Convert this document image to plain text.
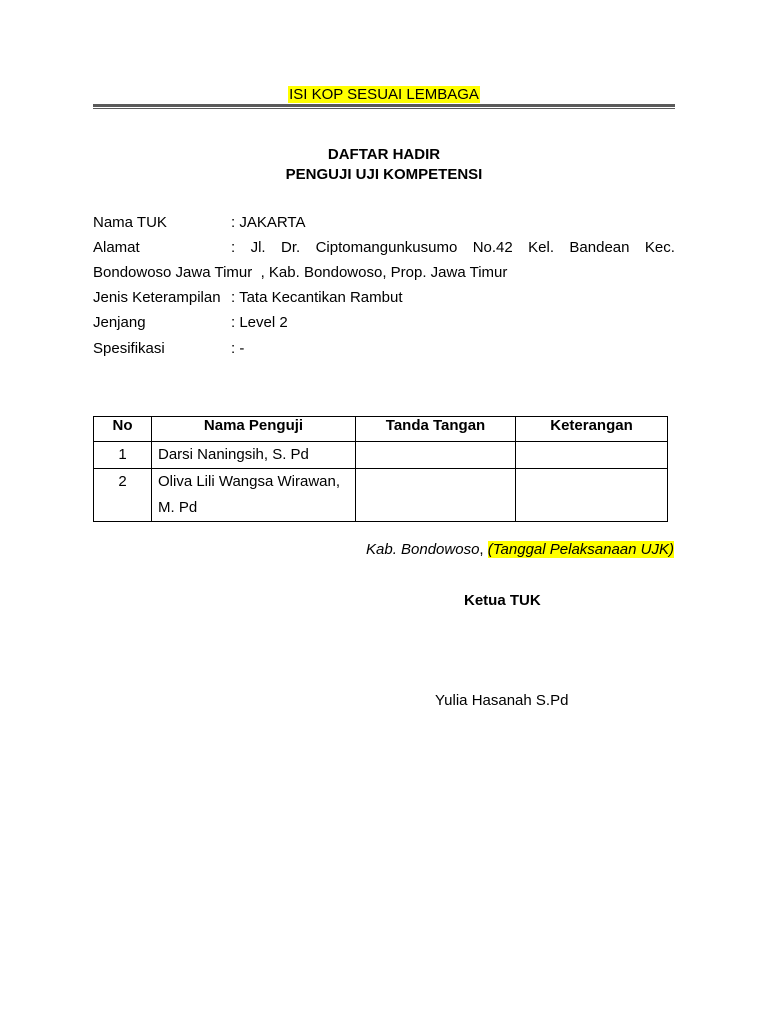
ISI KOP SESUAI LEMBAGA
DAFTAR HADIR
PENGUJI UJI KOMPETENSI
Nama TUK	: JAKARTA
Alamat	: Jl. Dr. Ciptomangunkusumo No.42 Kel. Bandean Kec.
Bondowoso Jawa Timur  , Kab. Bondowoso, Prop. Jawa Timur
Jenis Keterampilan : Tata Kecantikan Rambut
Jenjang	: Level 2
Spesifikasi	: -
No	Nama Penguji	Tanda Tangan	Keterangan
1	Darsi Naningsih, S. Pd		
2	Oliva Lili Wangsa Wirawan, M. Pd		
Kab. Bondowoso, (Tanggal Pelaksanaan UJK)
Ketua TUK
Yulia Hasanah S.Pd
